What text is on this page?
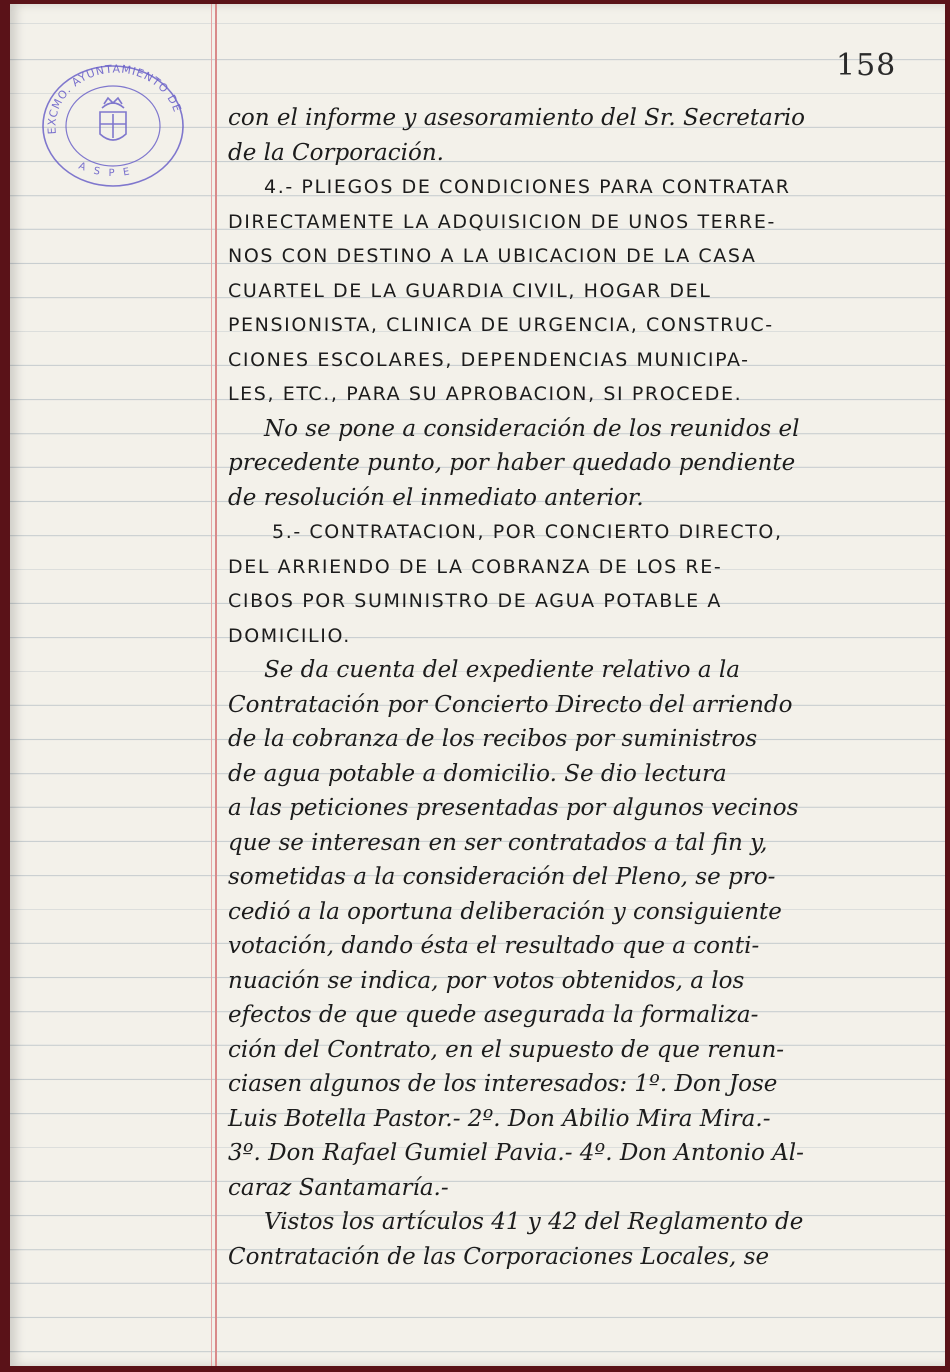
158
EXCMO. AYUNTAMIENTO DE
A S P E
con el informe y asesoramiento del Sr. Secretario
de la Corporación.
4.- PLIEGOS DE CONDICIONES PARA CONTRATAR
DIRECTAMENTE LA ADQUISICION DE UNOS TERRE-
NOS CON DESTINO A LA UBICACION DE LA CASA
CUARTEL DE LA GUARDIA CIVIL, HOGAR DEL
PENSIONISTA, CLINICA DE URGENCIA, CONSTRUC-
CIONES ESCOLARES, DEPENDENCIAS MUNICIPA-
LES, ETC., PARA SU APROBACION, SI PROCEDE.
No se pone a consideración de los reunidos el
precedente punto, por haber quedado pendiente
de resolución el inmediato anterior.
5.- CONTRATACION, POR CONCIERTO DIRECTO,
DEL ARRIENDO DE LA COBRANZA DE LOS RE-
CIBOS POR SUMINISTRO DE AGUA POTABLE A
DOMICILIO.
Se da cuenta del expediente relativo a la
Contratación por Concierto Directo del arriendo
de la cobranza de los recibos por suministros
de agua potable a domicilio. Se dio lectura
a las peticiones presentadas por algunos vecinos
que se interesan en ser contratados a tal fin y,
sometidas a la consideración del Pleno, se pro-
cedió a la oportuna deliberación y consiguiente
votación, dando ésta el resultado que a conti-
nuación se indica, por votos obtenidos, a los
efectos de que quede asegurada la formaliza-
ción del Contrato, en el supuesto de que renun-
ciasen algunos de los interesados: 1º. Don Jose
Luis Botella Pastor.- 2º. Don Abilio Mira Mira.-
3º. Don Rafael Gumiel Pavia.- 4º. Don Antonio Al-
caraz Santamaría.-
Vistos los artículos 41 y 42 del Reglamento de
Contratación de las Corporaciones Locales, se
